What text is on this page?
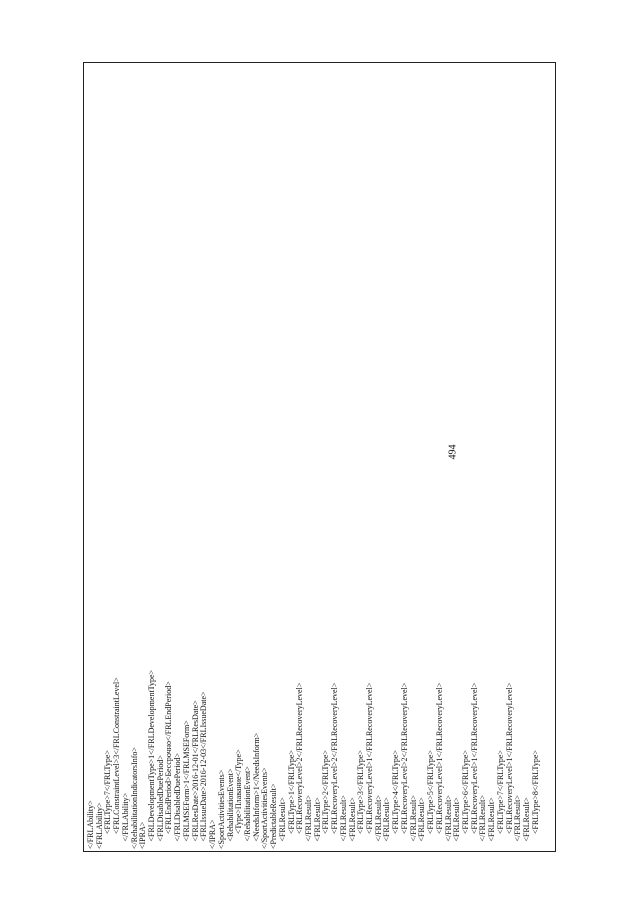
494
</FRLAbility> <FRLAbility> <FRLType>7</FRLType> <FRLConstraintLevel>3</FRLConstraintLevel> </FRLAbility> </RehabilitationIndicatorsInfo> <IPRA> <FRLDevelopmentType>1</FRLDevelopmentType> <FRLDisabledDuePeriod> <FRLEndPeriod>Бессрочно</FRLEndPeriod> </FRLDisabledDuePeriod> <FRLMSEForm>1</FRLMSEForm> <FRLResDate>2016-12-01</FRLResDate> <FRLIssueDate>2016-12-03</FRLIssueDate> </IPRA> <SportActivitiesEvents> <RehabilitationEvent> <Type>Плавание</Type> </RehabilitationEvent> <NeedsInform>1</NeedsInform> </SportActivitiesEvents> <PredictableResult> <FRLResult> <FRLType>1</FRLType> <FRLRecoveryLevel>2</FRLRecoveryLevel> </FRLResult> <FRLResult> <FRLType>2</FRLType> <FRLRecoveryLevel>2</FRLRecoveryLevel> </FRLResult> <FRLResult> <FRLType>3</FRLType> <FRLRecoveryLevel>1</FRLRecoveryLevel> </FRLResult> <FRLResult> <FRLType>4</FRLType> <FRLRecoveryLevel>2</FRLRecoveryLevel> </FRLResult> <FRLResult> <FRLType>5</FRLType> <FRLRecoveryLevel>1</FRLRecoveryLevel> </FRLResult> <FRLResult> <FRLType>6</FRLType> <FRLRecoveryLevel>1</FRLRecoveryLevel> </FRLResult> <FRLResult> <FRLType>7</FRLType> <FRLRecoveryLevel>1</FRLRecoveryLevel> </FRLResult> <FRLResult> <FRLType>8</FRLType>
